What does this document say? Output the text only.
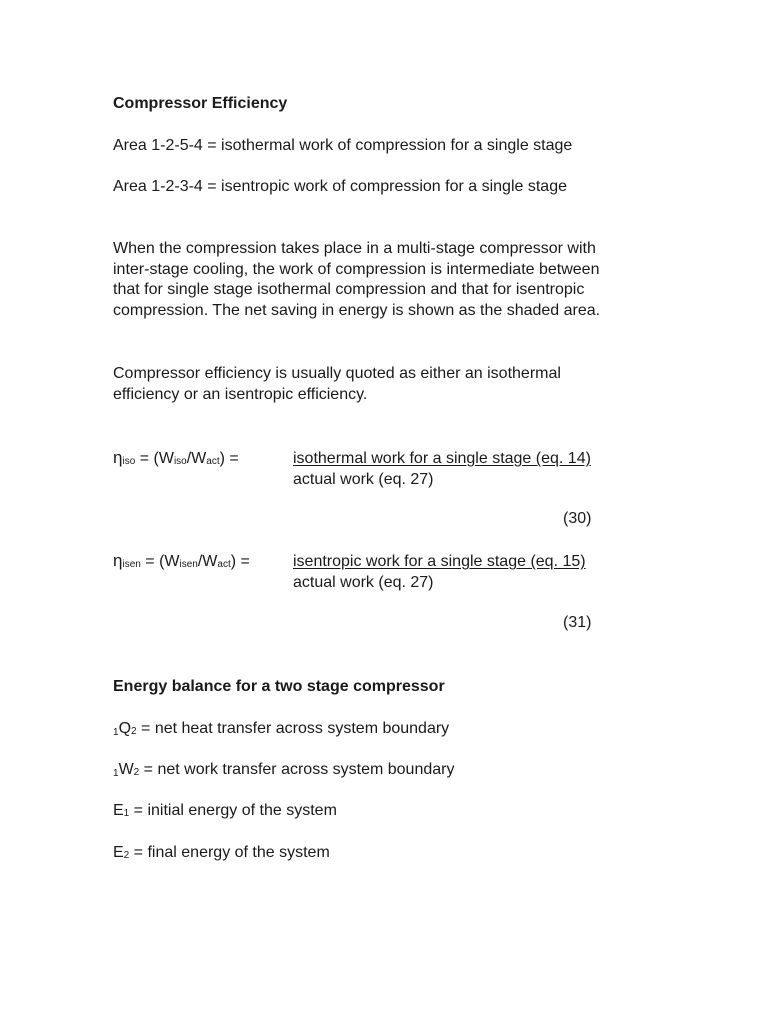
Compressor Efficiency
Area 1-2-5-4 = isothermal work of compression for a single stage
Area 1-2-3-4 = isentropic work of compression for a single stage
When the compression takes place in a multi-stage compressor with
inter-stage cooling, the work of compression is intermediate between
that for single stage isothermal compression and that for isentropic
compression. The net saving in energy is shown as the shaded area.
Compressor efficiency is usually quoted as either an isothermal
efficiency or an isentropic efficiency.
ηiso = (Wiso/Wact) =	isothermal work for a single stage (eq. 14)
actual work (eq. 27)
(30)
ηisen = (Wisen/Wact) =	isentropic work for a single stage (eq. 15)
actual work (eq. 27)
(31)
Energy balance for a two stage compressor
1Q2 = net heat transfer across system boundary
1W2 = net work transfer across system boundary
E1 = initial energy of the system
E2 = final energy of the system
